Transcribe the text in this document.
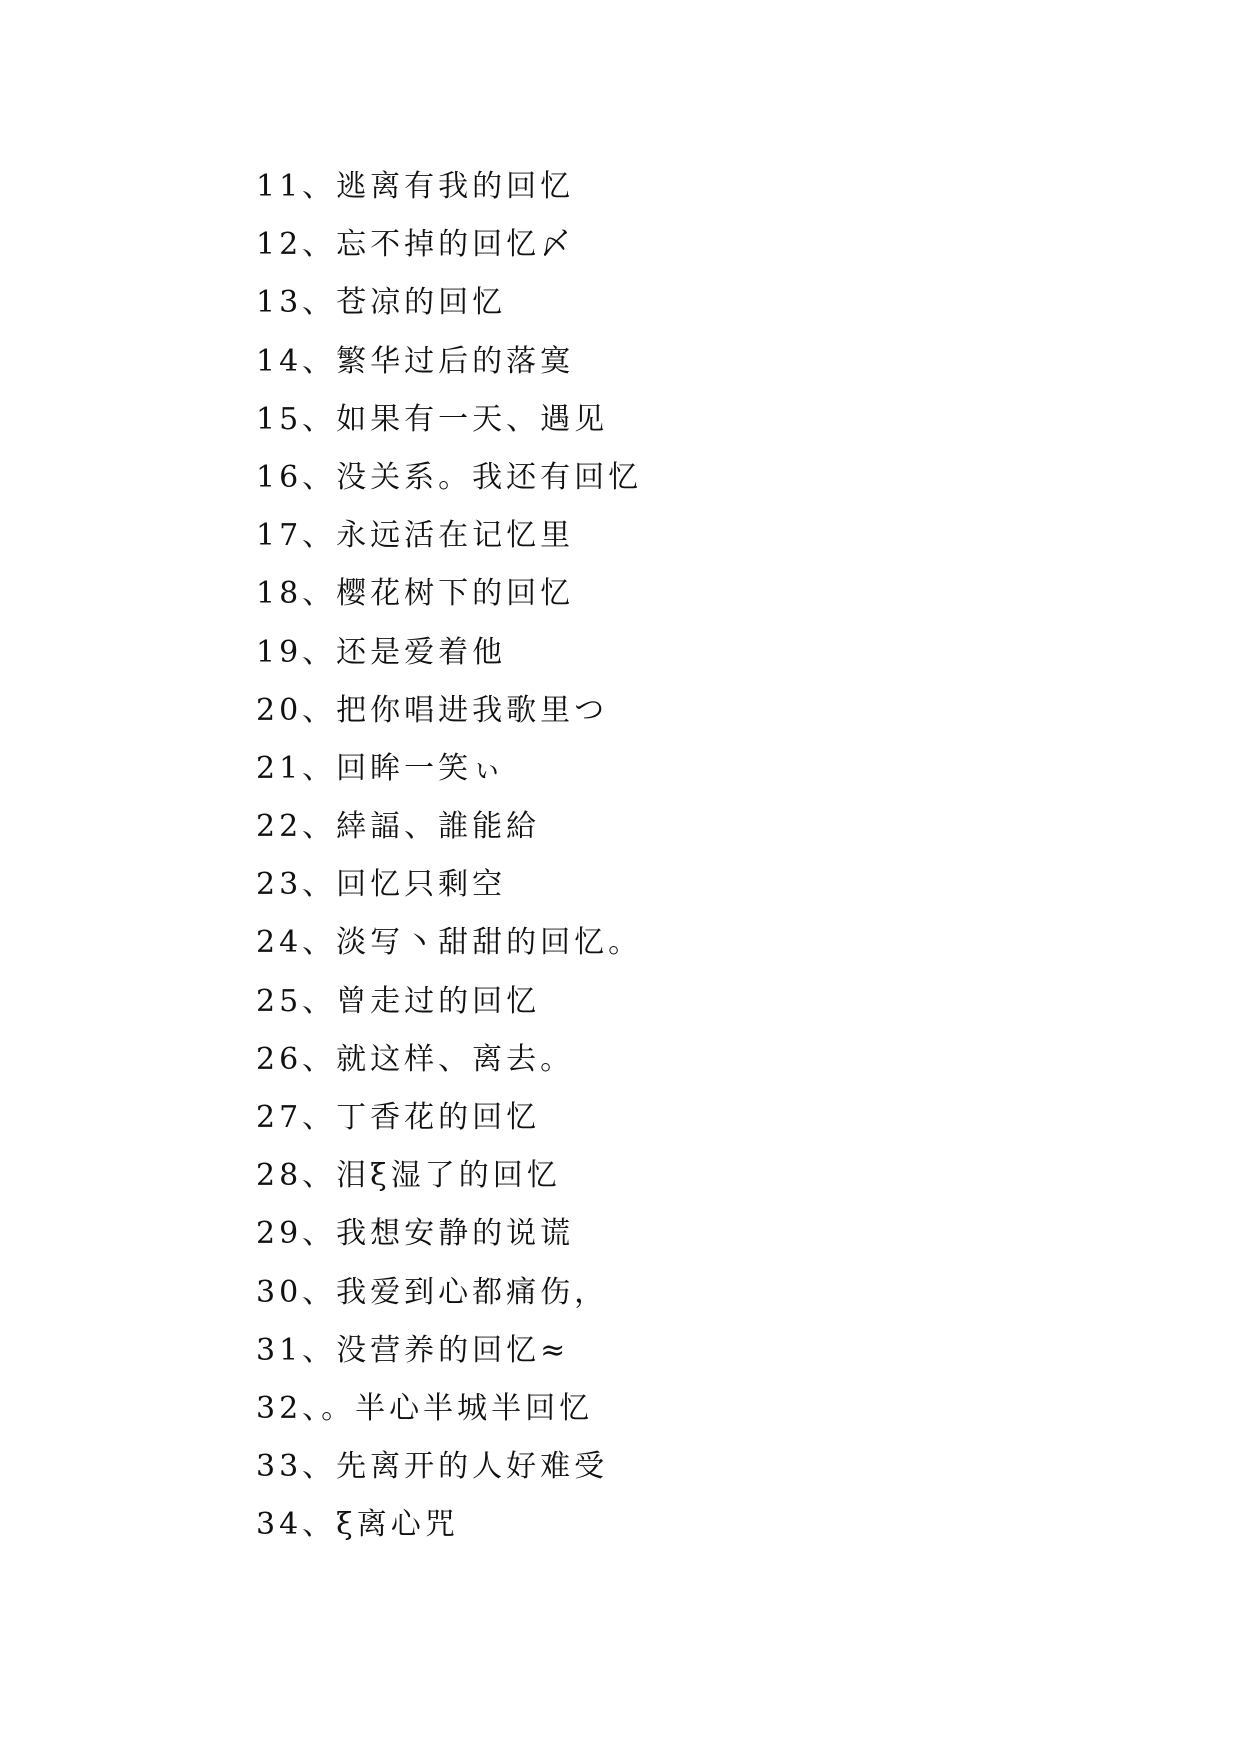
11、逃离有我的回忆
12、忘不掉的回忆〆
13、苍凉的回忆
14、繁华过后的落寞
15、如果有一天、遇见
16、没关系。我还有回忆
17、永远活在记忆里
18、樱花树下的回忆
19、还是爱着他
20、把你唱进我歌里つ
21、回眸一笑ぃ
22、緈諨、誰能給
23、回忆只剩空
24、淡写丶甜甜的回忆。
25、曾走过的回忆
26、就这样、离去。
27、丁香花的回忆
28、泪ξ湿了的回忆
29、我想安静的说谎
30、我爱到心都痛伤，
31、没营养的回忆≈
32、。半心半城半回忆
33、先离开的人好难受
34、ξ离心咒
